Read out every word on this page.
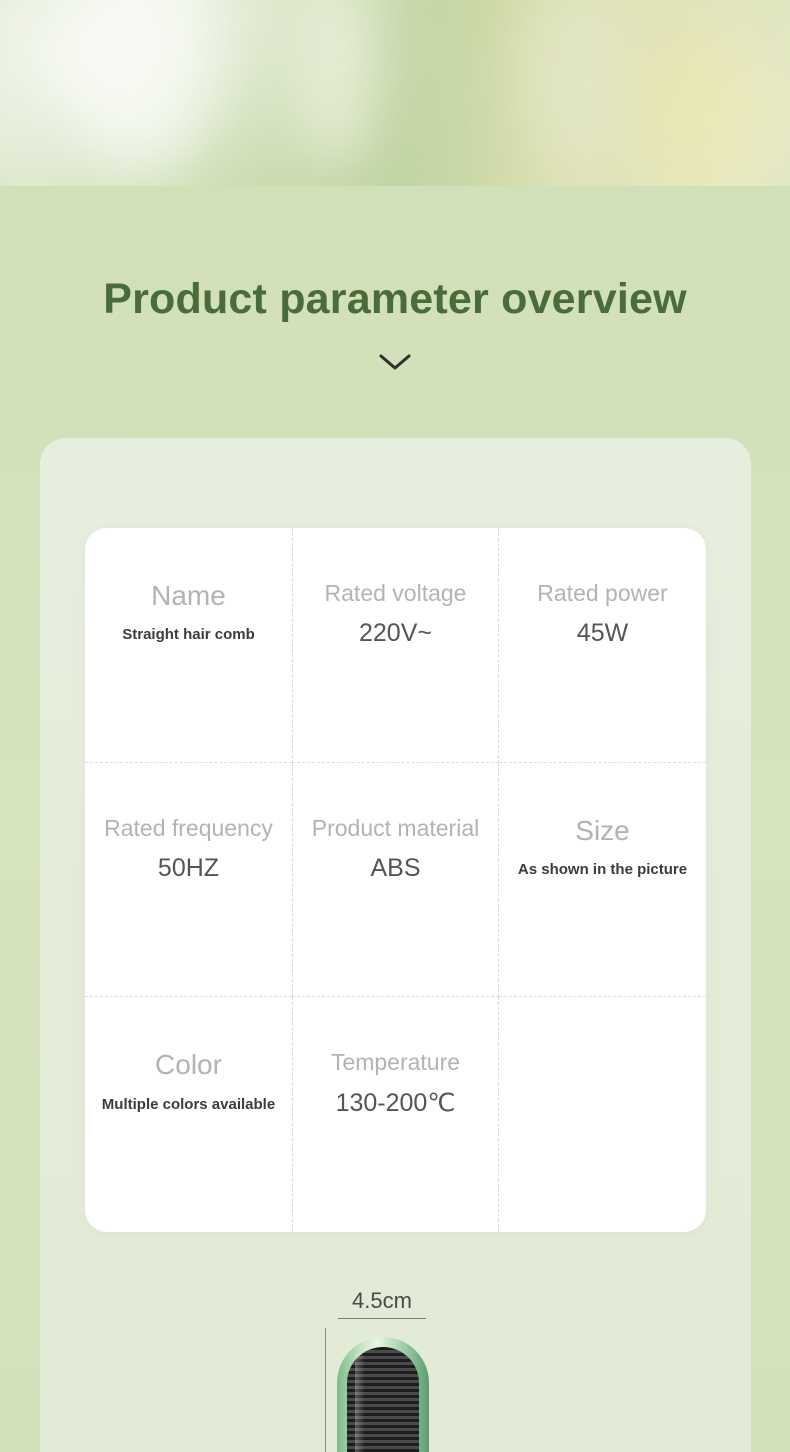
Product parameter overview
Name
Straight hair comb
Rated voltage
220V~
Rated power
45W
Rated frequency
50HZ
Product material
ABS
Size
As shown in the picture
Color
Multiple colors available
Temperature
130-200℃
4.5cm
